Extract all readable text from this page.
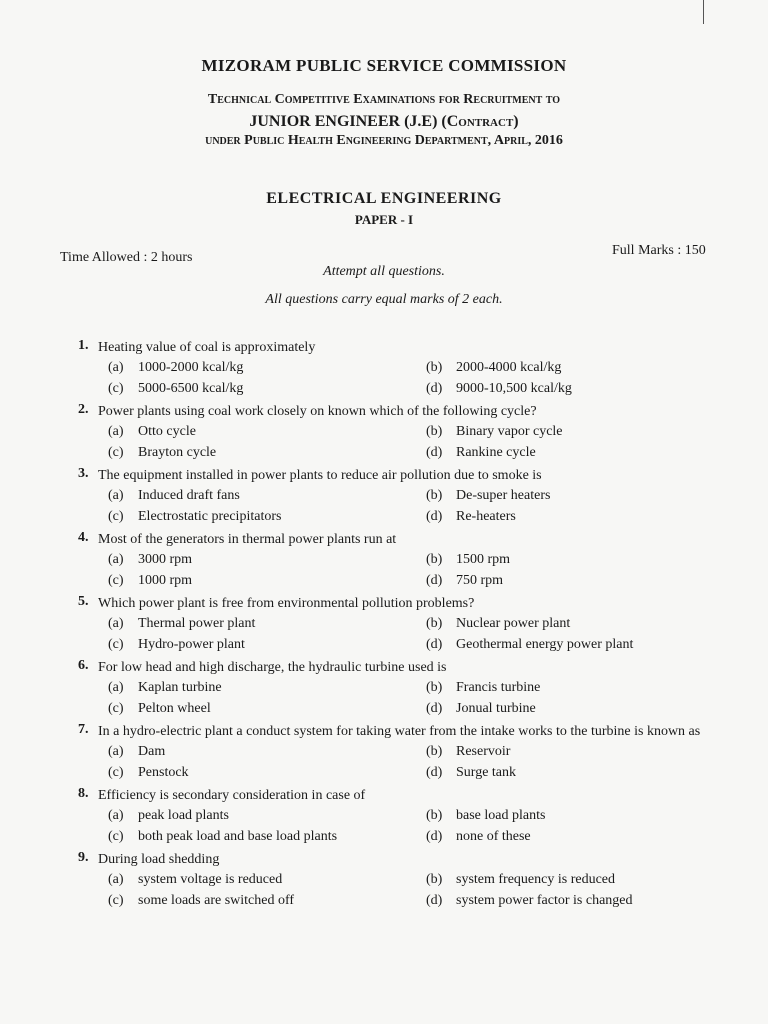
MIZORAM PUBLIC SERVICE COMMISSION
Technical Competitive Examinations for Recruitment to
JUNIOR ENGINEER (J.E) (Contract)
under Public Health Engineering Department, April, 2016
ELECTRICAL ENGINEERING
PAPER - I
Time Allowed : 2 hours	Full Marks : 150
Attempt all questions.
All questions carry equal marks of 2 each.
1. Heating value of coal is approximately
(a)	1000-2000 kcal/kg	(b) 2000-4000 kcal/kg
(c)	5000-6500 kcal/kg	(d) 9000-10,500 kcal/kg
2. Power plants using coal work closely on known which of the following cycle?
(a)	Otto cycle	(b) Binary vapor cycle
(c)	Brayton cycle	(d) Rankine cycle
3. The equipment installed in power plants to reduce air pollution due to smoke is
(a)	Induced draft fans	(b) De-super heaters
(c)	Electrostatic precipitators	(d) Re-heaters
4. Most of the generators in thermal power plants run at
(a)	3000 rpm	(b) 1500 rpm
(c)	1000 rpm	(d) 750 rpm
5. Which power plant is free from environmental pollution problems?
(a)	Thermal power plant	(b) Nuclear power plant
(c)	Hydro-power plant	(d) Geothermal energy power plant
6. For low head and high discharge, the hydraulic turbine used is
(a)	Kaplan turbine	(b) Francis turbine
(c)	Pelton wheel	(d) Jonual turbine
7. In a hydro-electric plant a conduct system for taking water from the intake works to the turbine is known as
(a)	Dam	(b) Reservoir
(c)	Penstock	(d) Surge tank
8. Efficiency is secondary consideration in case of
(a)	peak load plants	(b) base load plants
(c)	both peak load and base load plants	(d) none of these
9. During load shedding
(a)	system voltage is reduced	(b) system frequency is reduced
(c)	some loads are switched off	(d) system power factor is changed
